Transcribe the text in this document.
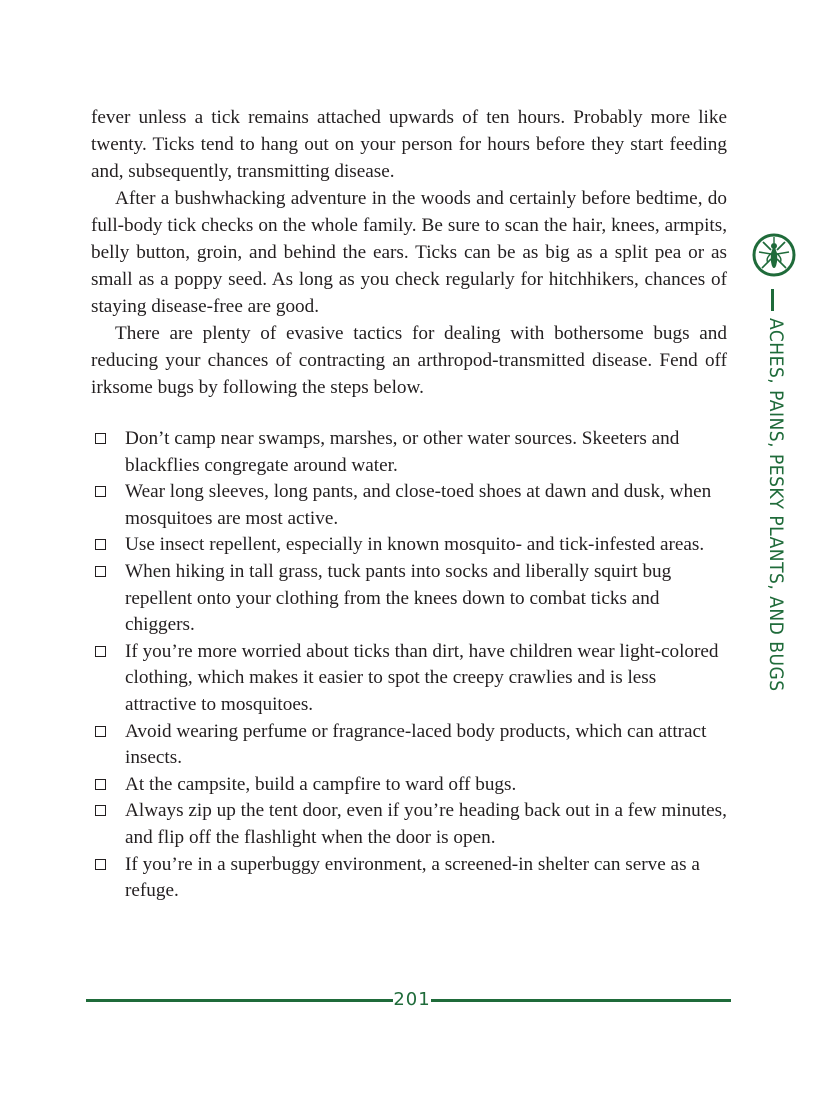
fever unless a tick remains attached upwards of ten hours. Probably more like twenty. Ticks tend to hang out on your person for hours before they start feeding and, subsequently, transmitting disease.

After a bushwhacking adventure in the woods and certainly before bedtime, do full-body tick checks on the whole family. Be sure to scan the hair, knees, armpits, belly button, groin, and behind the ears. Ticks can be as big as a split pea or as small as a poppy seed. As long as you check regularly for hitchhikers, chances of staying disease-free are good.

There are plenty of evasive tactics for dealing with bothersome bugs and reducing your chances of contracting an arthropod-transmitted disease. Fend off irksome bugs by following the steps below.

Don’t camp near swamps, marshes, or other water sources. Skeeters and blackflies congregate around water.
Wear long sleeves, long pants, and close-toed shoes at dawn and dusk, when mosquitoes are most active.
Use insect repellent, especially in known mosquito- and tick-infested areas.
When hiking in tall grass, tuck pants into socks and liberally squirt bug repellent onto your clothing from the knees down to combat ticks and chiggers.
If you’re more worried about ticks than dirt, have children wear light-colored clothing, which makes it easier to spot the creepy crawlies and is less attractive to mosquitoes.
Avoid wearing perfume or fragrance-laced body products, which can attract insects.
At the campsite, build a campfire to ward off bugs.
Always zip up the tent door, even if you’re heading back out in a few minutes, and flip off the flashlight when the door is open.
If you’re in a superbuggy environment, a screened-in shelter can serve as a refuge.
ACHES, PAINS, PESKY PLANTS, AND BUGS
201
